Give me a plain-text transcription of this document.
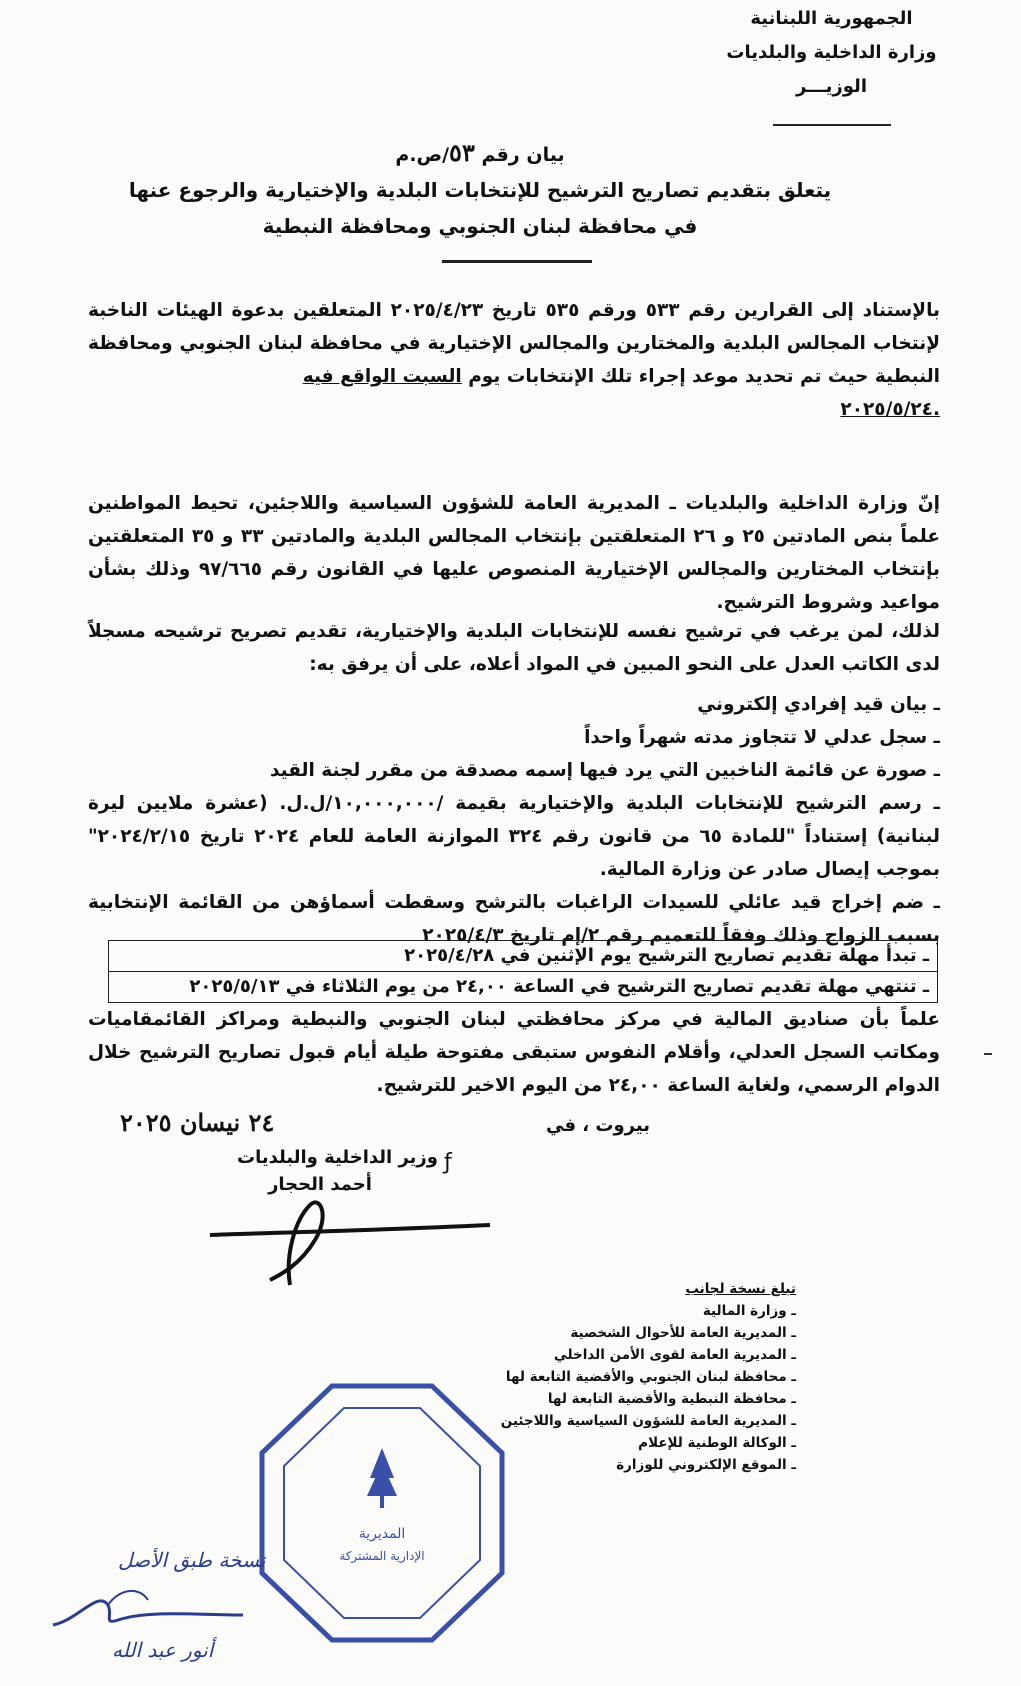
الجمهورية اللبنانية
وزارة الداخلية والبلديات
الوزيـــر
بيان رقم ٥٣/ص.م
يتعلق بتقديم تصاريح الترشيح للإنتخابات البلدية والإختيارية والرجوع عنها
في محافظة لبنان الجنوبي ومحافظة النبطية
بالإستناد إلى القرارين رقم ٥٣٣ ورقم ٥٣٥ تاريخ ٢٠٢٥/٤/٢٣ المتعلقين بدعوة الهيئات الناخبة لإنتخاب المجالس البلدية والمختارين والمجالس الإختيارية في محافظة لبنان الجنوبي ومحافظة النبطية حيث تم تحديد موعد إجراء تلك الإنتخابات يوم السبت الواقع فيه
٢٠٢٥/٥/٢٤.
إنّ وزارة الداخلية والبلديات ـ المديرية العامة للشؤون السياسية واللاجئين، تحيط المواطنين علماً بنص المادتين ٢٥ و ٢٦ المتعلقتين بإنتخاب المجالس البلدية والمادتين ٣٣ و ٣٥ المتعلقتين بإنتخاب المختارين والمجالس الإختيارية المنصوص عليها في القانون رقم ٩٧/٦٦٥ وذلك بشأن مواعيد وشروط الترشيح.
لذلك، لمن يرغب في ترشيح نفسه للإنتخابات البلدية والإختيارية، تقديم تصريح ترشيحه مسجلاً لدى الكاتب العدل على النحو المبين في المواد أعلاه، على أن يرفق به:
ـ بيان قيد إفرادي إلكتروني
ـ سجل عدلي لا تتجاوز مدته شهراً واحداً
ـ صورة عن قائمة الناخبين التي يرد فيها إسمه مصدقة من مقرر لجنة القيد
ـ رسم الترشيح للإنتخابات البلدية والإختيارية بقيمة /١٠,٠٠٠,٠٠٠/ل.ل. (عشرة ملايين ليرة لبنانية) إستناداً "للمادة ٦٥ من قانون رقم ٣٢٤ الموازنة العامة للعام ٢٠٢٤ تاريخ ٢٠٢٤/٢/١٥" بموجب إيصال صادر عن وزارة المالية.
ـ ضم إخراج قيد عائلي للسيدات الراغبات بالترشح وسقطت أسماؤهن من القائمة الإنتخابية بسبب الزواج وذلك وفقاً للتعميم رقم ٢/إم تاريخ ٢٠٢٥/٤/٣
ـ تبدأ مهلة تقديم تصاريح الترشيح يوم الإثنين في ٢٠٢٥/٤/٢٨
ـ تنتهي مهلة تقديم تصاريح الترشيح في الساعة ٢٤,٠٠ من يوم الثلاثاء في ٢٠٢٥/٥/١٣
علماً بأن صناديق المالية في مركز محافظتي لبنان الجنوبي والنبطية ومراكز القائمقاميات ومكاتب السجل العدلي، وأقلام النفوس ستبقى مفتوحة طيلة أيام قبول تصاريح الترشيح خلال الدوام الرسمي، ولغاية الساعة ٢٤,٠٠ من اليوم الاخير للترشيح.
بيروت ، في
٢٤ نيسان ٢٠٢٥
ƒ
وزير الداخلية والبلديات
أحمد الحجار
تبلغ نسخة لجانب
ـ وزارة المالية
ـ المديرية العامة للأحوال الشخصية
ـ المديرية العامة لقوى الأمن الداخلي
ـ محافظة لبنان الجنوبي والأقضية التابعة لها
ـ محافظة النبطية والأقضية التابعة لها
ـ المديرية العامة للشؤون السياسية واللاجئين
ـ الوكالة الوطنية للإعلام
ـ الموقع الإلكتروني للوزارة
المديرية
الإدارية المشتركة
نسخة طبق الأصل
أنور عبد الله
